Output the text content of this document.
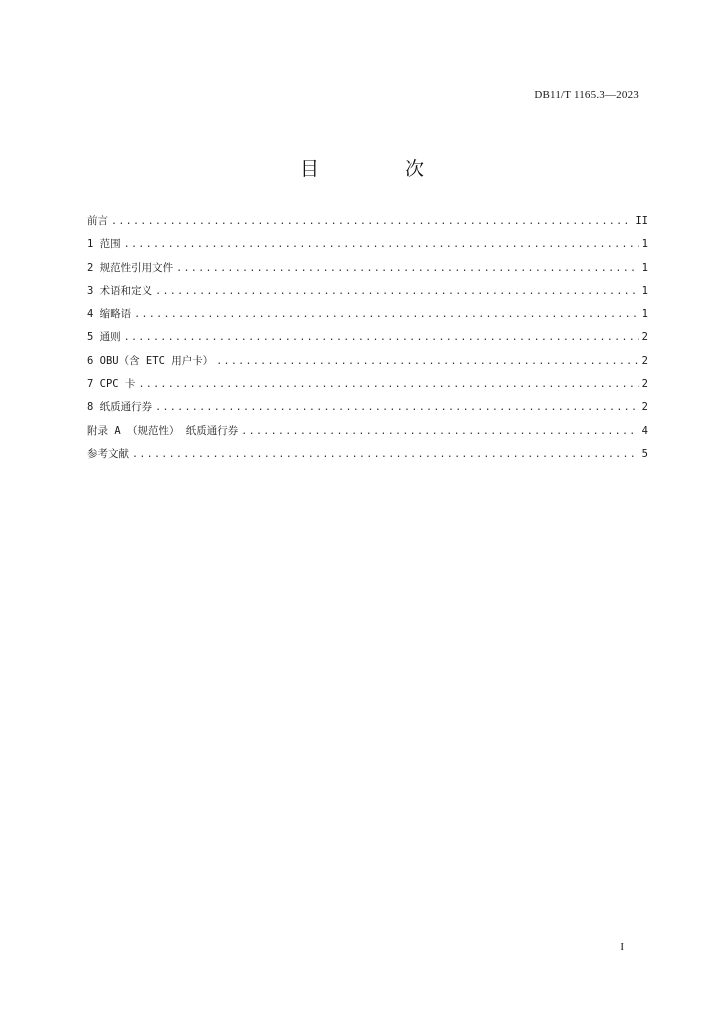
DB11/T 1165.3—2023
目 次
前言 .....	II
1 范围 .....	1
2 规范性引用文件 .....	1
3 术语和定义 .....	1
4 缩略语 .....	1
5 通则 .....	2
6 OBU（含 ETC 用户卡） .....	2
7 CPC 卡 .....	2
8 纸质通行券 .....	2
附录 A （规范性） 纸质通行券 .....	4
参考文献 .....	5
I
